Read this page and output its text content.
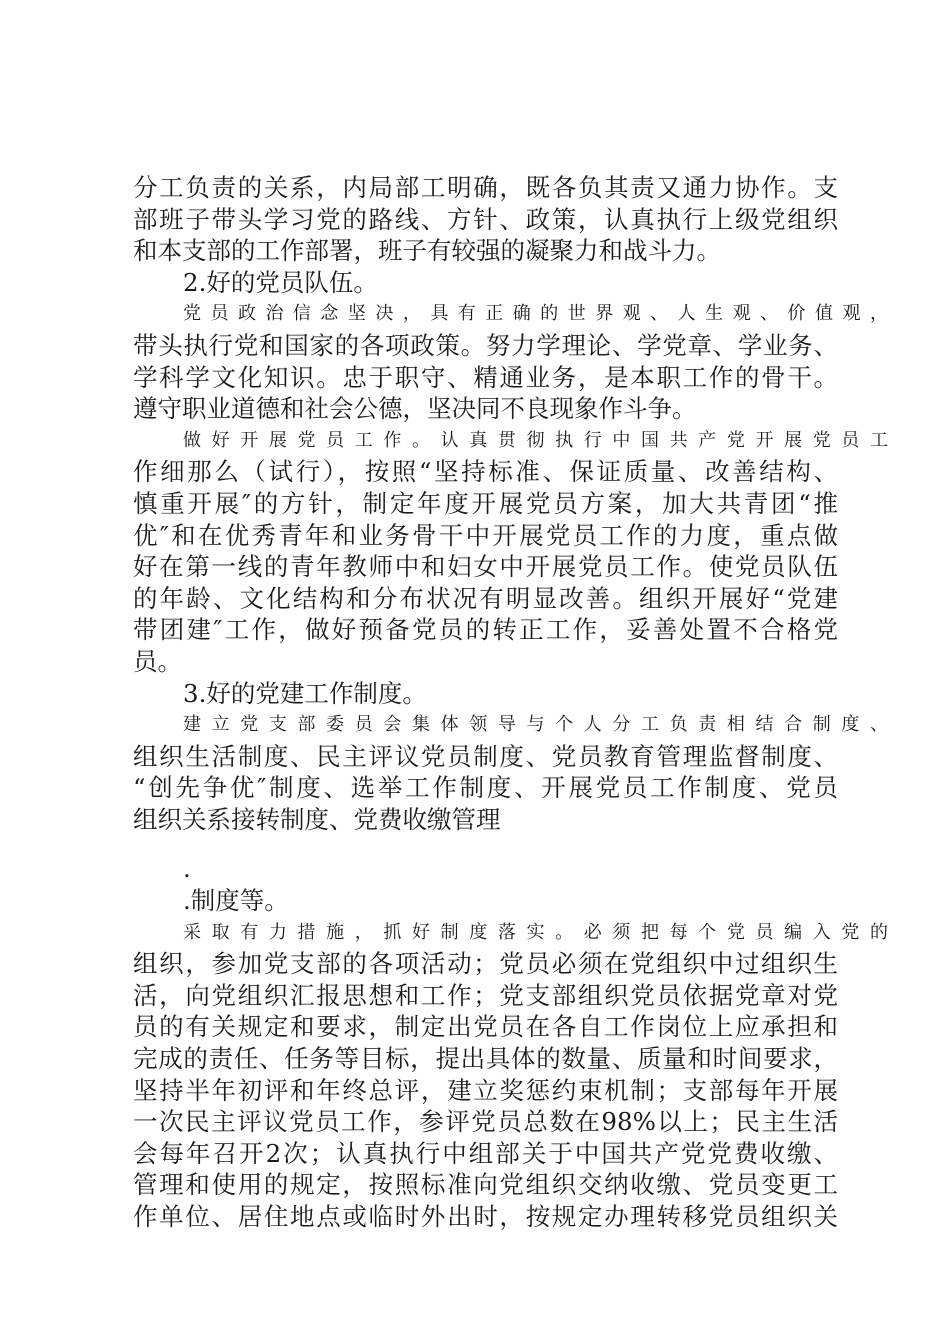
分工负责的关系，内局部工明确，既各负其责又通力协作。支
部班子带头学习党的路线、方针、政策，认真执行上级党组织
和本支部的工作部署，班子有较强的凝聚力和战斗力。
2.好的党员队伍。
党员政治信念坚决，具有正确的世界观、人生观、价值观，
带头执行党和国家的各项政策。努力学理论、学党章、学业务、
学科学文化知识。忠于职守、精通业务，是本职工作的骨干。
遵守职业道德和社会公德，坚决同不良现象作斗争。
做好开展党员工作。认真贯彻执行中国共产党开展党员工
作细那么（试行），按照“坚持标准、保证质量、改善结构、
慎重开展″的方针，制定年度开展党员方案，加大共青团“推
优″和在优秀青年和业务骨干中开展党员工作的力度，重点做
好在第一线的青年教师中和妇女中开展党员工作。使党员队伍
的年龄、文化结构和分布状况有明显改善。组织开展好“党建
带团建″工作，做好预备党员的转正工作，妥善处置不合格党
员。
3.好的党建工作制度。
建立党支部委员会集体领导与个人分工负责相结合制度、
组织生活制度、民主评议党员制度、党员教育管理监督制度、
“创先争优″制度、选举工作制度、开展党员工作制度、党员
组织关系接转制度、党费收缴管理
.
.制度等。
采取有力措施，抓好制度落实。必须把每个党员编入党的
组织，参加党支部的各项活动；党员必须在党组织中过组织生
活，向党组织汇报思想和工作；党支部组织党员依据党章对党
员的有关规定和要求，制定出党员在各自工作岗位上应承担和
完成的责任、任务等目标，提出具体的数量、质量和时间要求，
坚持半年初评和年终总评，建立奖惩约束机制；支部每年开展
一次民主评议党员工作，参评党员总数在98%以上；民主生活
会每年召开2次；认真执行中组部关于中国共产党党费收缴、
管理和使用的规定，按照标准向党组织交纳收缴、党员变更工
作单位、居住地点或临时外出时，按规定办理转移党员组织关
